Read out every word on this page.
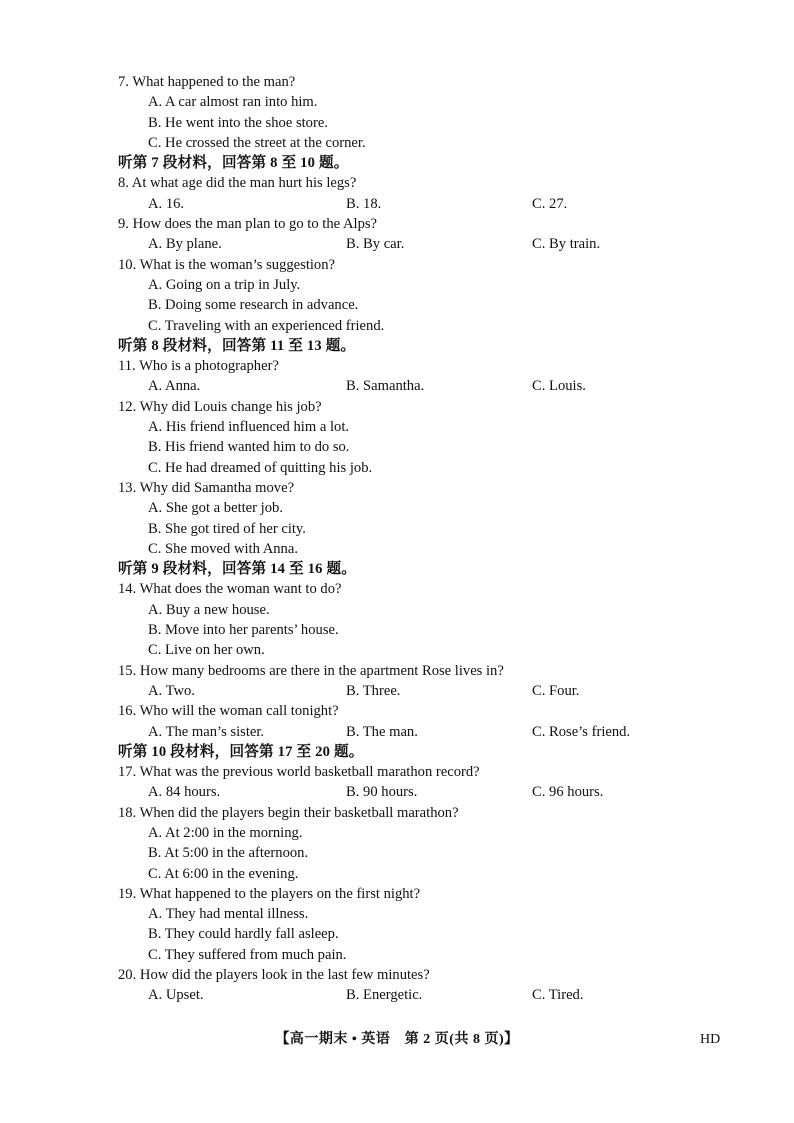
7. What happened to the man?
A. A car almost ran into him.
B. He went into the shoe store.
C. He crossed the street at the corner.
听第 7 段材料，回答第 8 至 10 题。
8. At what age did the man hurt his legs?
A. 16.	B. 18.	C. 27.
9. How does the man plan to go to the Alps?
A. By plane.	B. By car.	C. By train.
10. What is the woman’s suggestion?
A. Going on a trip in July.
B. Doing some research in advance.
C. Traveling with an experienced friend.
听第 8 段材料，回答第 11 至 13 题。
11. Who is a photographer?
A. Anna.	B. Samantha.	C. Louis.
12. Why did Louis change his job?
A. His friend influenced him a lot.
B. His friend wanted him to do so.
C. He had dreamed of quitting his job.
13. Why did Samantha move?
A. She got a better job.
B. She got tired of her city.
C. She moved with Anna.
听第 9 段材料，回答第 14 至 16 题。
14. What does the woman want to do?
A. Buy a new house.
B. Move into her parents’ house.
C. Live on her own.
15. How many bedrooms are there in the apartment Rose lives in?
A. Two.	B. Three.	C. Four.
16. Who will the woman call tonight?
A. The man’s sister.	B. The man.	C. Rose’s friend.
听第 10 段材料，回答第 17 至 20 题。
17. What was the previous world basketball marathon record?
A. 84 hours.	B. 90 hours.	C. 96 hours.
18. When did the players begin their basketball marathon?
A. At 2:00 in the morning.
B. At 5:00 in the afternoon.
C. At 6:00 in the evening.
19. What happened to the players on the first night?
A. They had mental illness.
B. They could hardly fall asleep.
C. They suffered from much pain.
20. How did the players look in the last few minutes?
A. Upset.	B. Energetic.	C. Tired.
【高一期末 • 英语　第 2 页(共 8 页)】	HD
